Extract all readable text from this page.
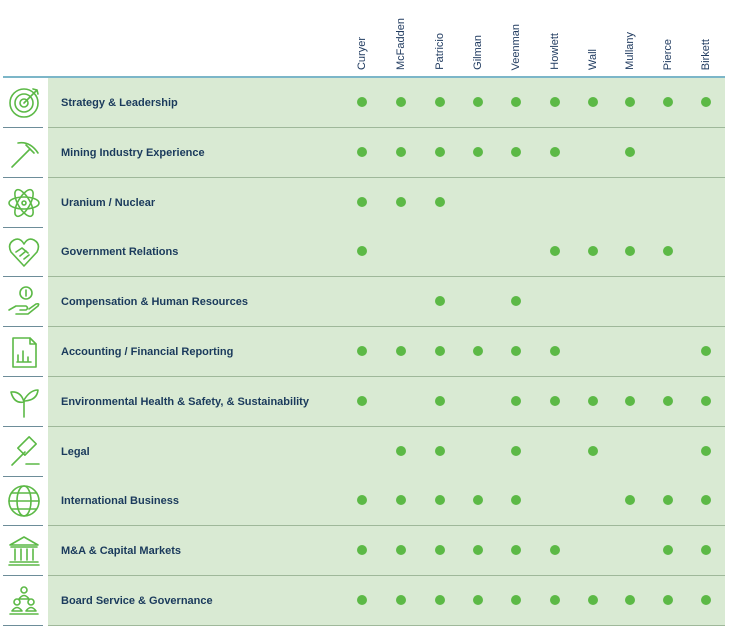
Curyer McFadden Patricio Gilman Veenman Howlett Wall Mullany Pierce Birkett
Strategy & Leadership
Mining Industry Experience
Uranium / Nuclear
Government Relations
Compensation & Human Resources
Accounting / Financial Reporting
Environmental Health & Safety, & Sustainability
Legal
International Business
M&A & Capital Markets
Board Service & Governance
